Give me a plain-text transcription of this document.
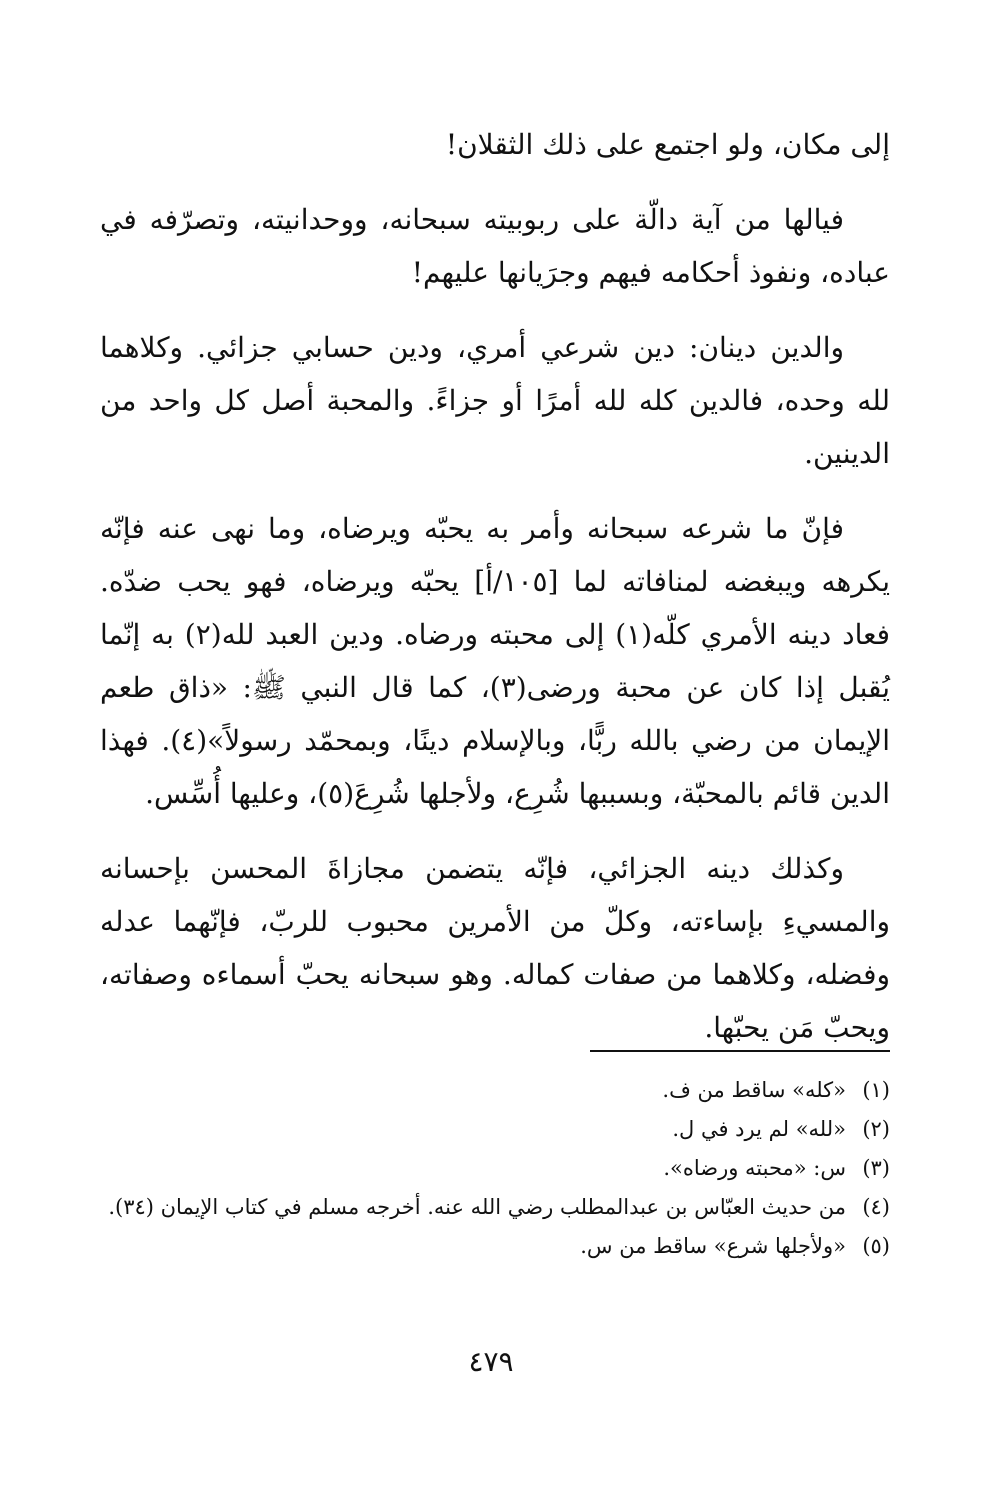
إلى مكان، ولو اجتمع على ذلك الثقلان!

فيالها من آية دالّة على ربوبيته سبحانه، ووحدانيته، وتصرّفه في عباده، ونفوذ أحكامه فيهم وجرَيانها عليهم!

والدين دينان: دين شرعي أمري، ودين حسابي جزائي. وكلاهما لله وحده، فالدين كله لله أمرًا أو جزاءً. والمحبة أصل كل واحد من الدينين.

فإنّ ما شرعه سبحانه وأمر به يحبّه ويرضاه، وما نهى عنه فإنّه يكرهه ويبغضه لمنافاته لما [١٠٥/أ] يحبّه ويرضاه، فهو يحب ضدّه. فعاد دينه الأمري كلّه(١) إلى محبته ورضاه. ودين العبد لله(٢) به إنّما يُقبل إذا كان عن محبة ورضى(٣)، كما قال النبي ﷺ: «ذاق طعم الإيمان من رضي بالله ربًّا، وبالإسلام دينًا، وبمحمّد رسولاً»(٤). فهذا الدين قائم بالمحبّة، وبسببها شُرِع، ولأجلها شُرِعَ(٥)، وعليها أُسِّس.

وكذلك دينه الجزائي، فإنّه يتضمن مجازاةَ المحسن بإحسانه والمسيءِ بإساءته، وكلّ من الأمرين محبوب للربّ، فإنّهما عدله وفضله، وكلاهما من صفات كماله. وهو سبحانه يحبّ أسماءه وصفاته، ويحبّ مَن يحبّها.

(١)
«كله» ساقط من ف.
(٢)
«لله» لم يرد في ل.
(٣)
س: «محبته ورضاه».
(٤)
من حديث العبّاس بن عبدالمطلب رضي الله عنه. أخرجه مسلم في كتاب الإيمان (٣٤).
(٥)
«ولأجلها شرع» ساقط من س.
٤٧٩
